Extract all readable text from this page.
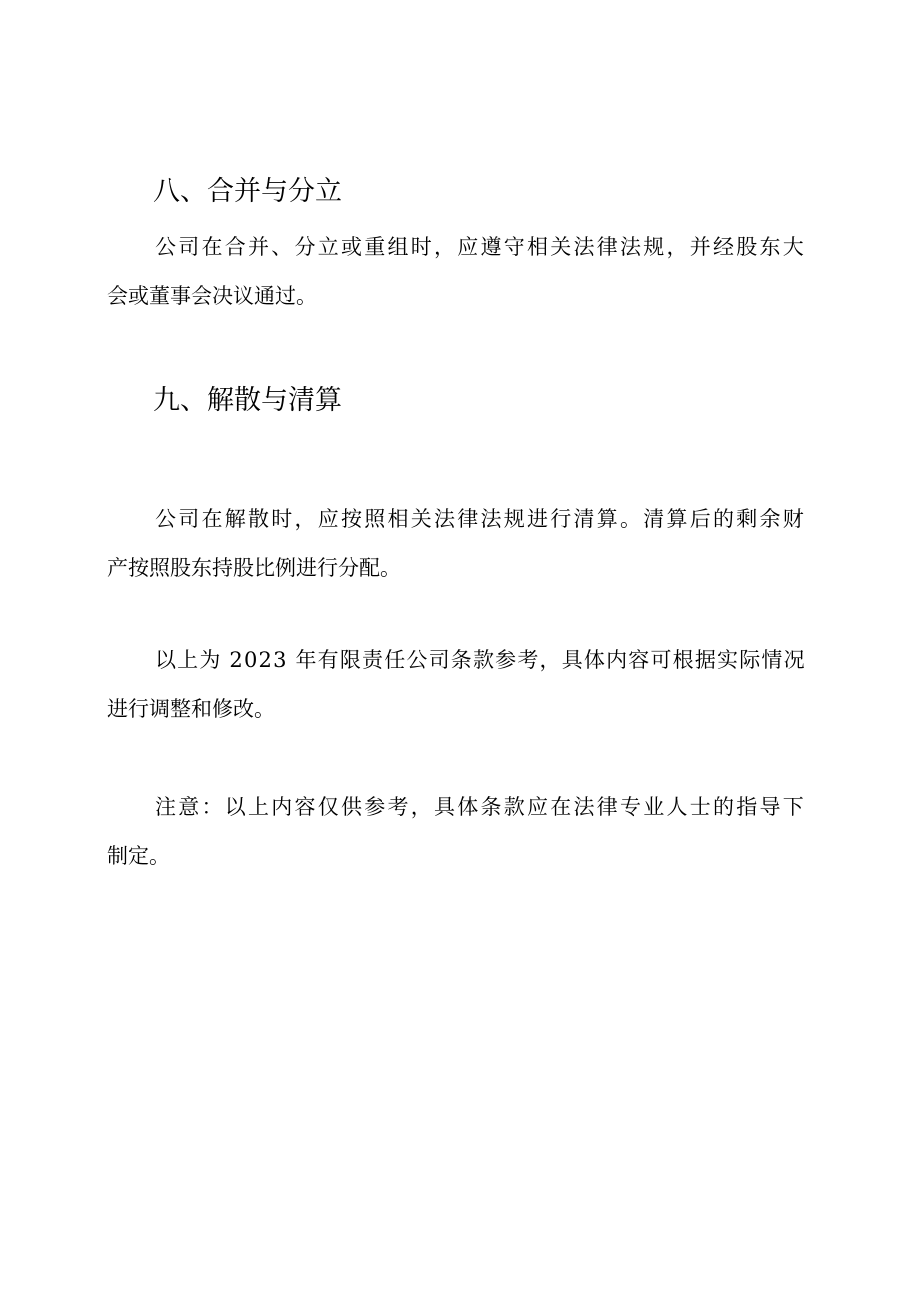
八、合并与分立

公司在合并、分立或重组时，应遵守相关法律法规，并经股东大

会或董事会决议通过。

九、解散与清算

公司在解散时，应按照相关法律法规进行清算。清算后的剩余财

产按照股东持股比例进行分配。

以上为 2023 年有限责任公司条款参考，具体内容可根据实际情况

进行调整和修改。

注意：以上内容仅供参考，具体条款应在法律专业人士的指导下

制定。
